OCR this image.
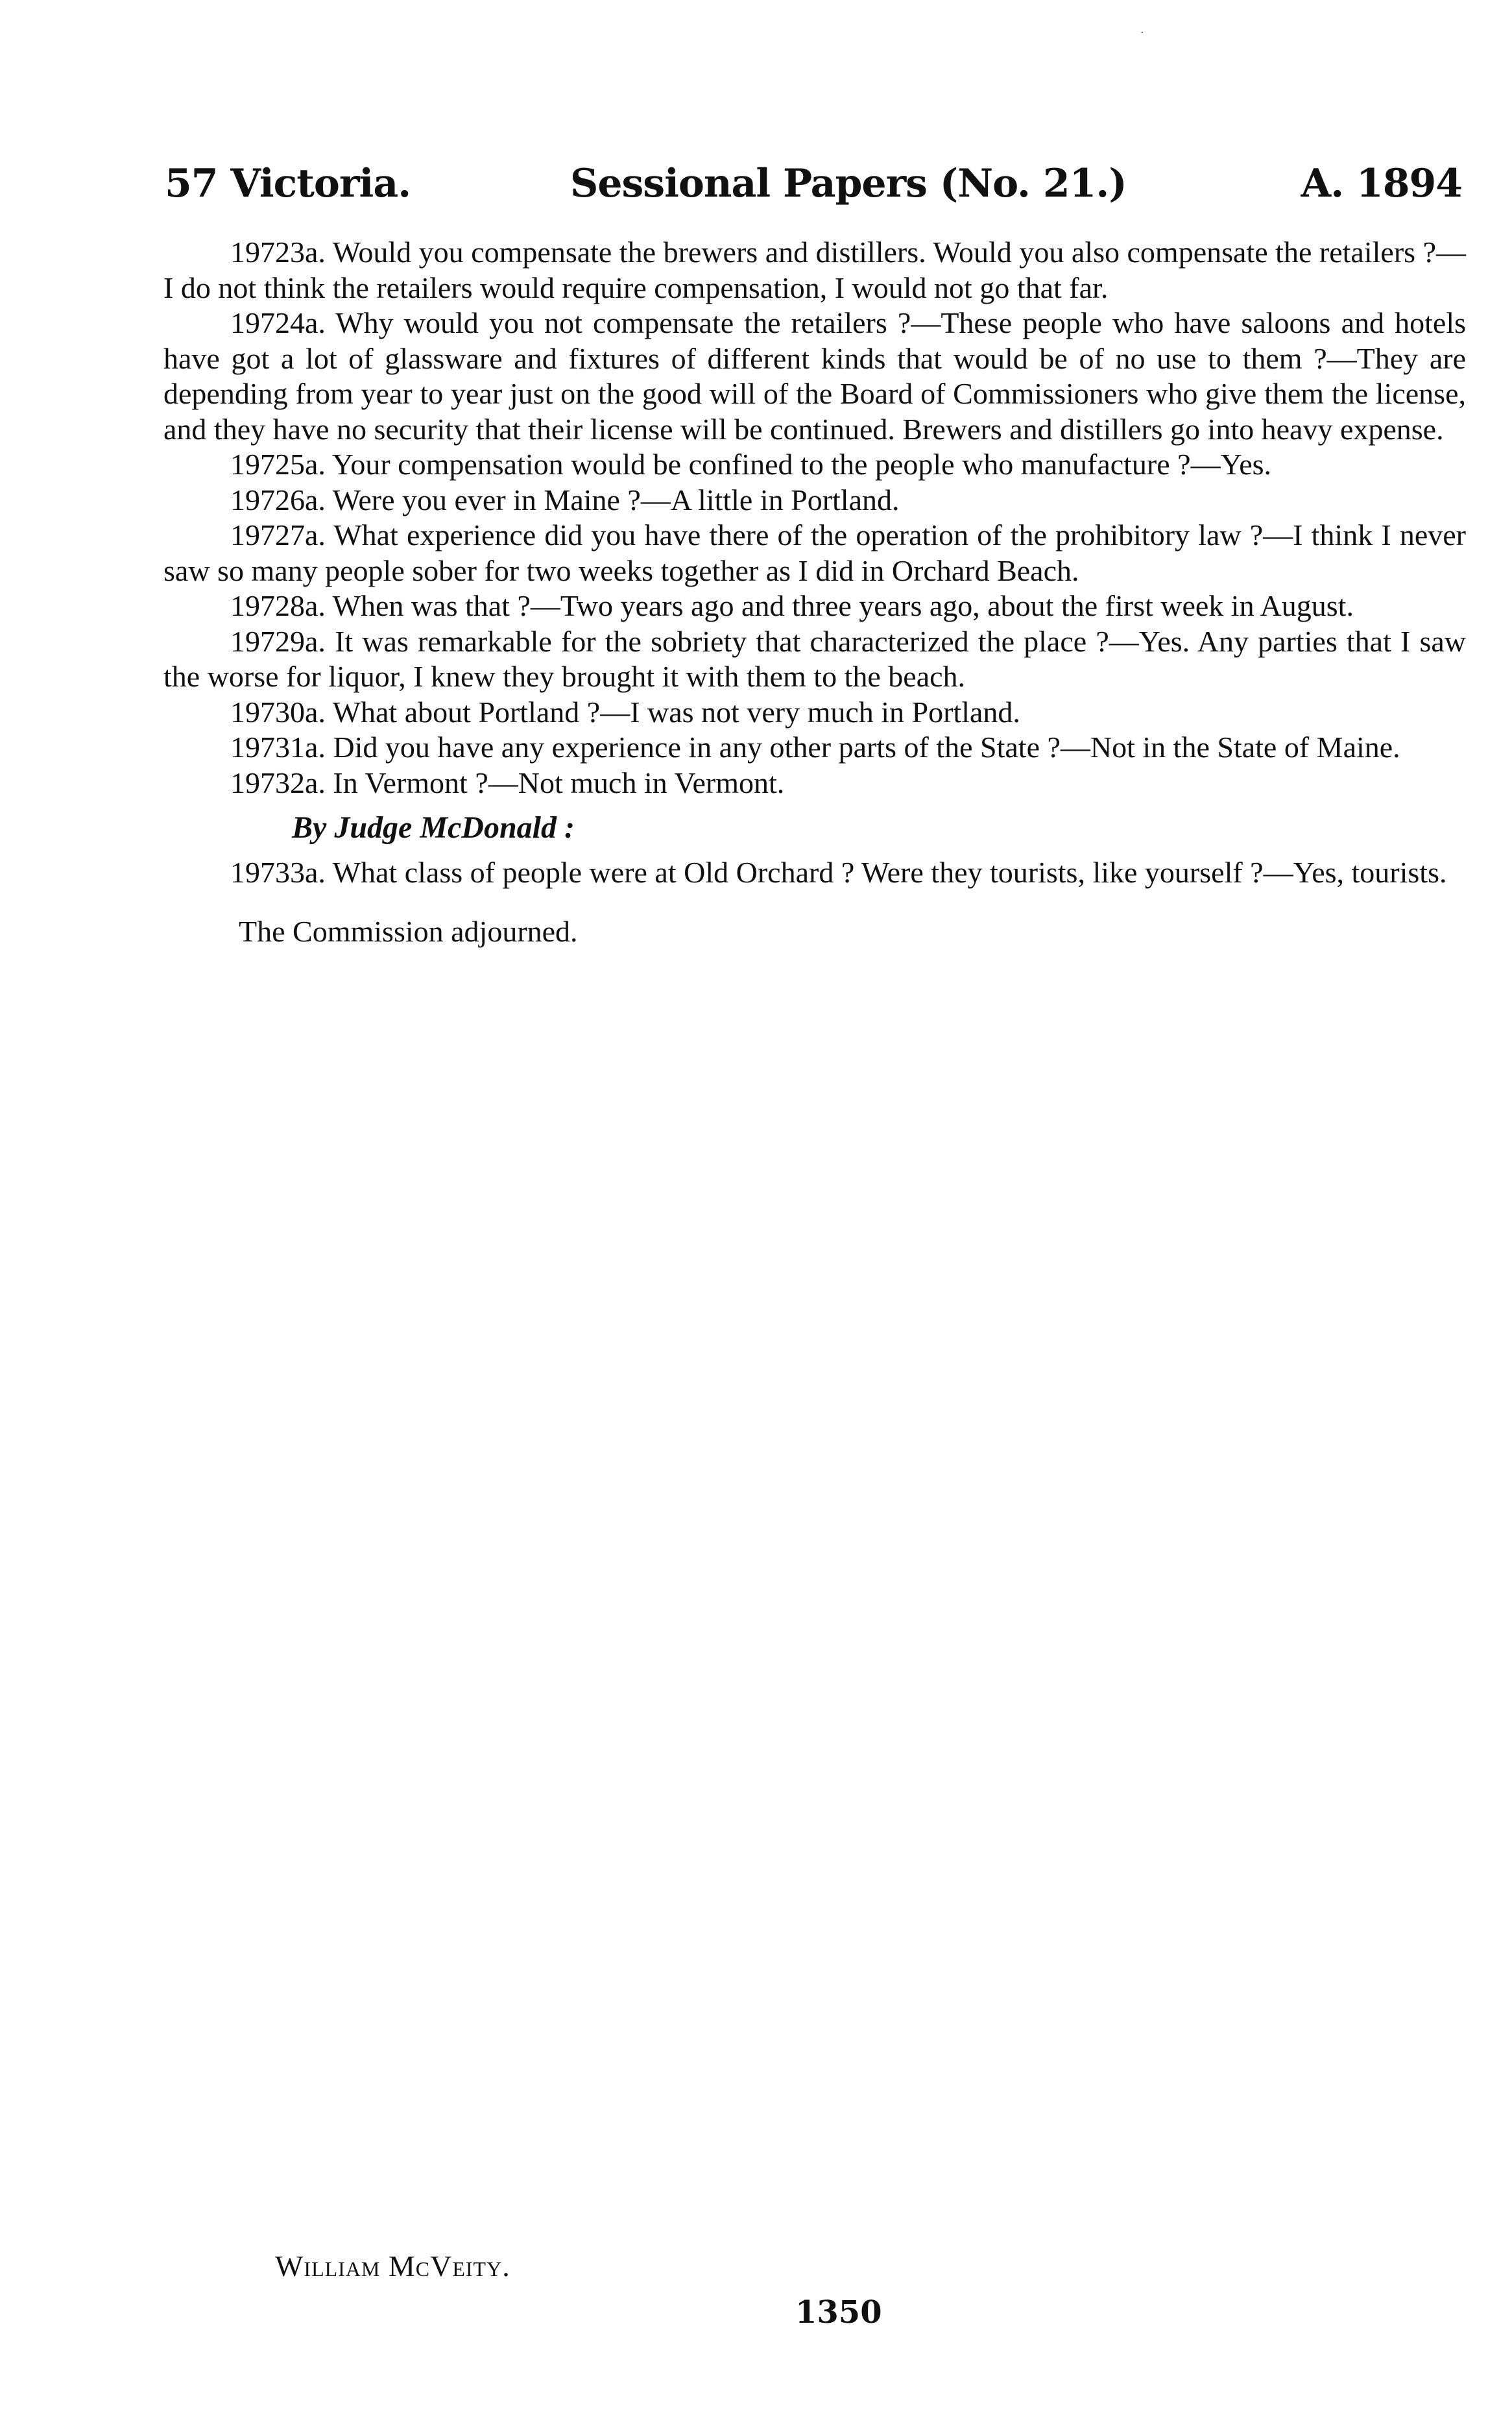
·
57 Victoria.	Sessional Papers (No. 21.)	A. 1894

19723a. Would you compensate the brewers and distillers. Would you also compensate the retailers ?—I do not think the retailers would require compensation, I would not go that far.

19724a. Why would you not compensate the retailers ?—These people who have saloons and hotels have got a lot of glassware and fixtures of different kinds that would be of no use to them ?—They are depending from year to year just on the good will of the Board of Commissioners who give them the license, and they have no security that their license will be continued. Brewers and distillers go into heavy expense.

19725a. Your compensation would be confined to the people who manufacture ?—Yes.

19726a. Were you ever in Maine ?—A little in Portland.

19727a. What experience did you have there of the operation of the prohibitory law ?—I think I never saw so many people sober for two weeks together as I did in Orchard Beach.

19728a. When was that ?—Two years ago and three years ago, about the first week in August.

19729a. It was remarkable for the sobriety that characterized the place ?—Yes. Any parties that I saw the worse for liquor, I knew they brought it with them to the beach.

19730a. What about Portland ?—I was not very much in Portland.

19731a. Did you have any experience in any other parts of the State ?—Not in the State of Maine.

19732a. In Vermont ?—Not much in Vermont.

By Judge McDonald :

19733a. What class of people were at Old Orchard ? Were they tourists, like yourself ?—Yes, tourists.

The Commission adjourned.

William McVeity.
1350
